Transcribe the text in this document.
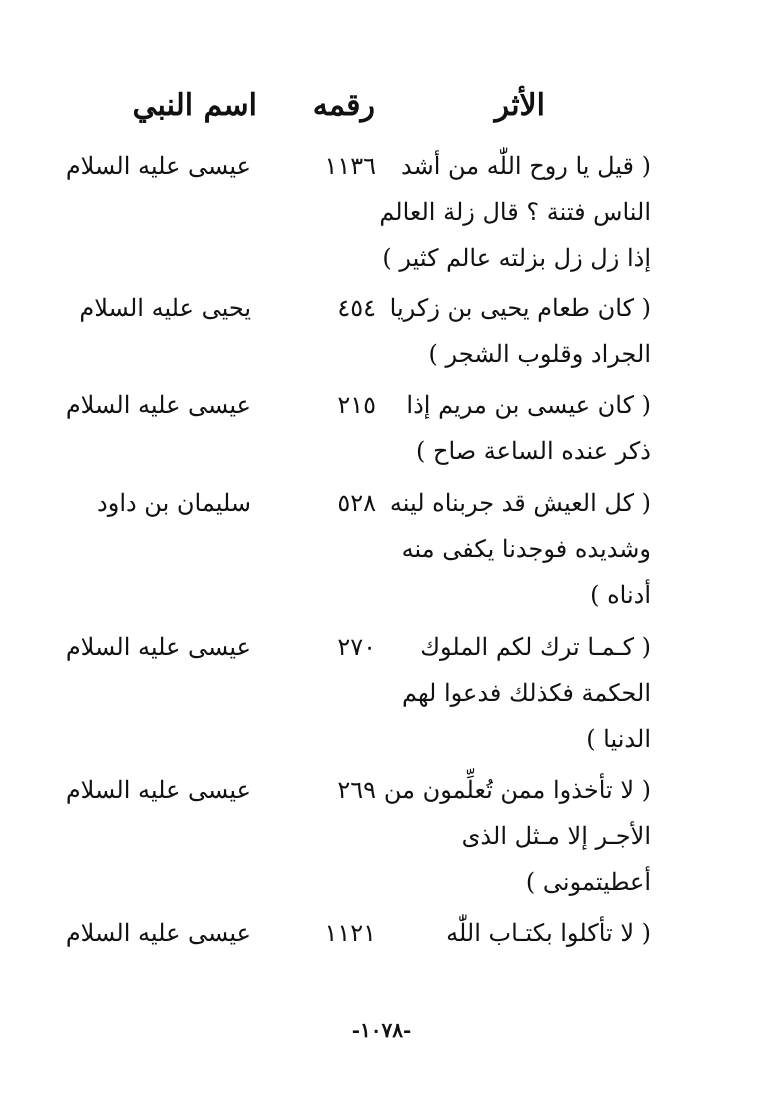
الأثر
رقمه
اسم النبي
( قيل يا روح اللّٰه من أشد
الناس فتنة ؟ قال زلة العالم
إذا زل زل بزلته عالم كثير )
١١٣٦
عيسى عليه السلام
( كان طعام يحيى بن زكريا
الجراد وقلوب الشجر )
٤٥٤
يحيى عليه السلام
( كان عيسى بن مريم إذا
ذكر عنده الساعة صاح )
٢١٥
عيسى عليه السلام
( كل العيش قد جربناه لينه
وشديده فوجدنا يكفى منه
أدناه )
٥٢٨
سليمان بن داود
( كـمـا ترك لكم الملوك
الحكمة فكذلك فدعوا لهم
الدنيا )
٢٧٠
عيسى عليه السلام
( لا تأخذوا ممن تُعلِّمون من
الأجـر إلا مـثل الذى
أعطيتمونى )
٢٦٩
عيسى عليه السلام
( لا تأكلوا بكتـاب اللّٰه
١١٢١
عيسى عليه السلام
-١٠٧٨-
